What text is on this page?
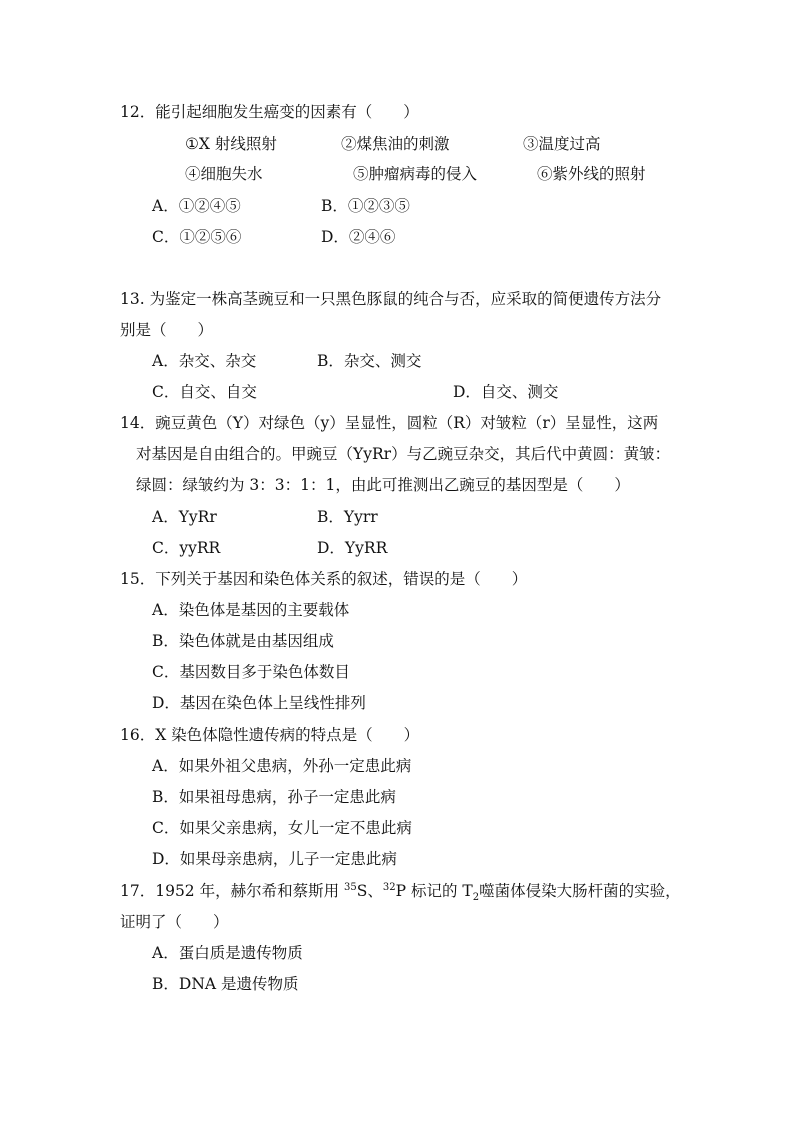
12．能引起细胞发生癌变的因素有（　　）
①X 射线照射	②煤焦油的刺激	③温度过高
④细胞失水	⑤肿瘤病毒的侵入	⑥紫外线的照射
A．①②④⑤	B．①②③⑤
C．①②⑤⑥	D．②④⑥
13. 为鉴定一株高茎豌豆和一只黑色豚鼠的纯合与否，应采取的简便遗传方法分
别是（　　）
A．杂交、杂交	B．杂交、测交
C．自交、自交	D．自交、测交
14．豌豆黄色（Y）对绿色（y）呈显性，圆粒（R）对皱粒（r）呈显性，这两
对基因是自由组合的。甲豌豆（YyRr）与乙豌豆杂交，其后代中黄圆：黄皱：
绿圆：绿皱约为 3：3：1：1，由此可推测出乙豌豆的基因型是（　　）
A．YyRr	B．Yyrr
C．yyRR	D．YyRR
15．下列关于基因和染色体关系的叙述，错误的是（　　）
A．染色体是基因的主要载体
B．染色体就是由基因组成
C．基因数目多于染色体数目
D．基因在染色体上呈线性排列
16．X 染色体隐性遗传病的特点是（　　）
A．如果外祖父患病，外孙一定患此病
B．如果祖母患病，孙子一定患此病
C．如果父亲患病，女儿一定不患此病
D．如果母亲患病，儿子一定患此病
17．1952 年，赫尔希和蔡斯用 $^{35}$S、$^{32}$P 标记的 $T_2$噬菌体侵染大肠杆菌的实验，
证明了（　　）
A．蛋白质是遗传物质
B．DNA 是遗传物质
